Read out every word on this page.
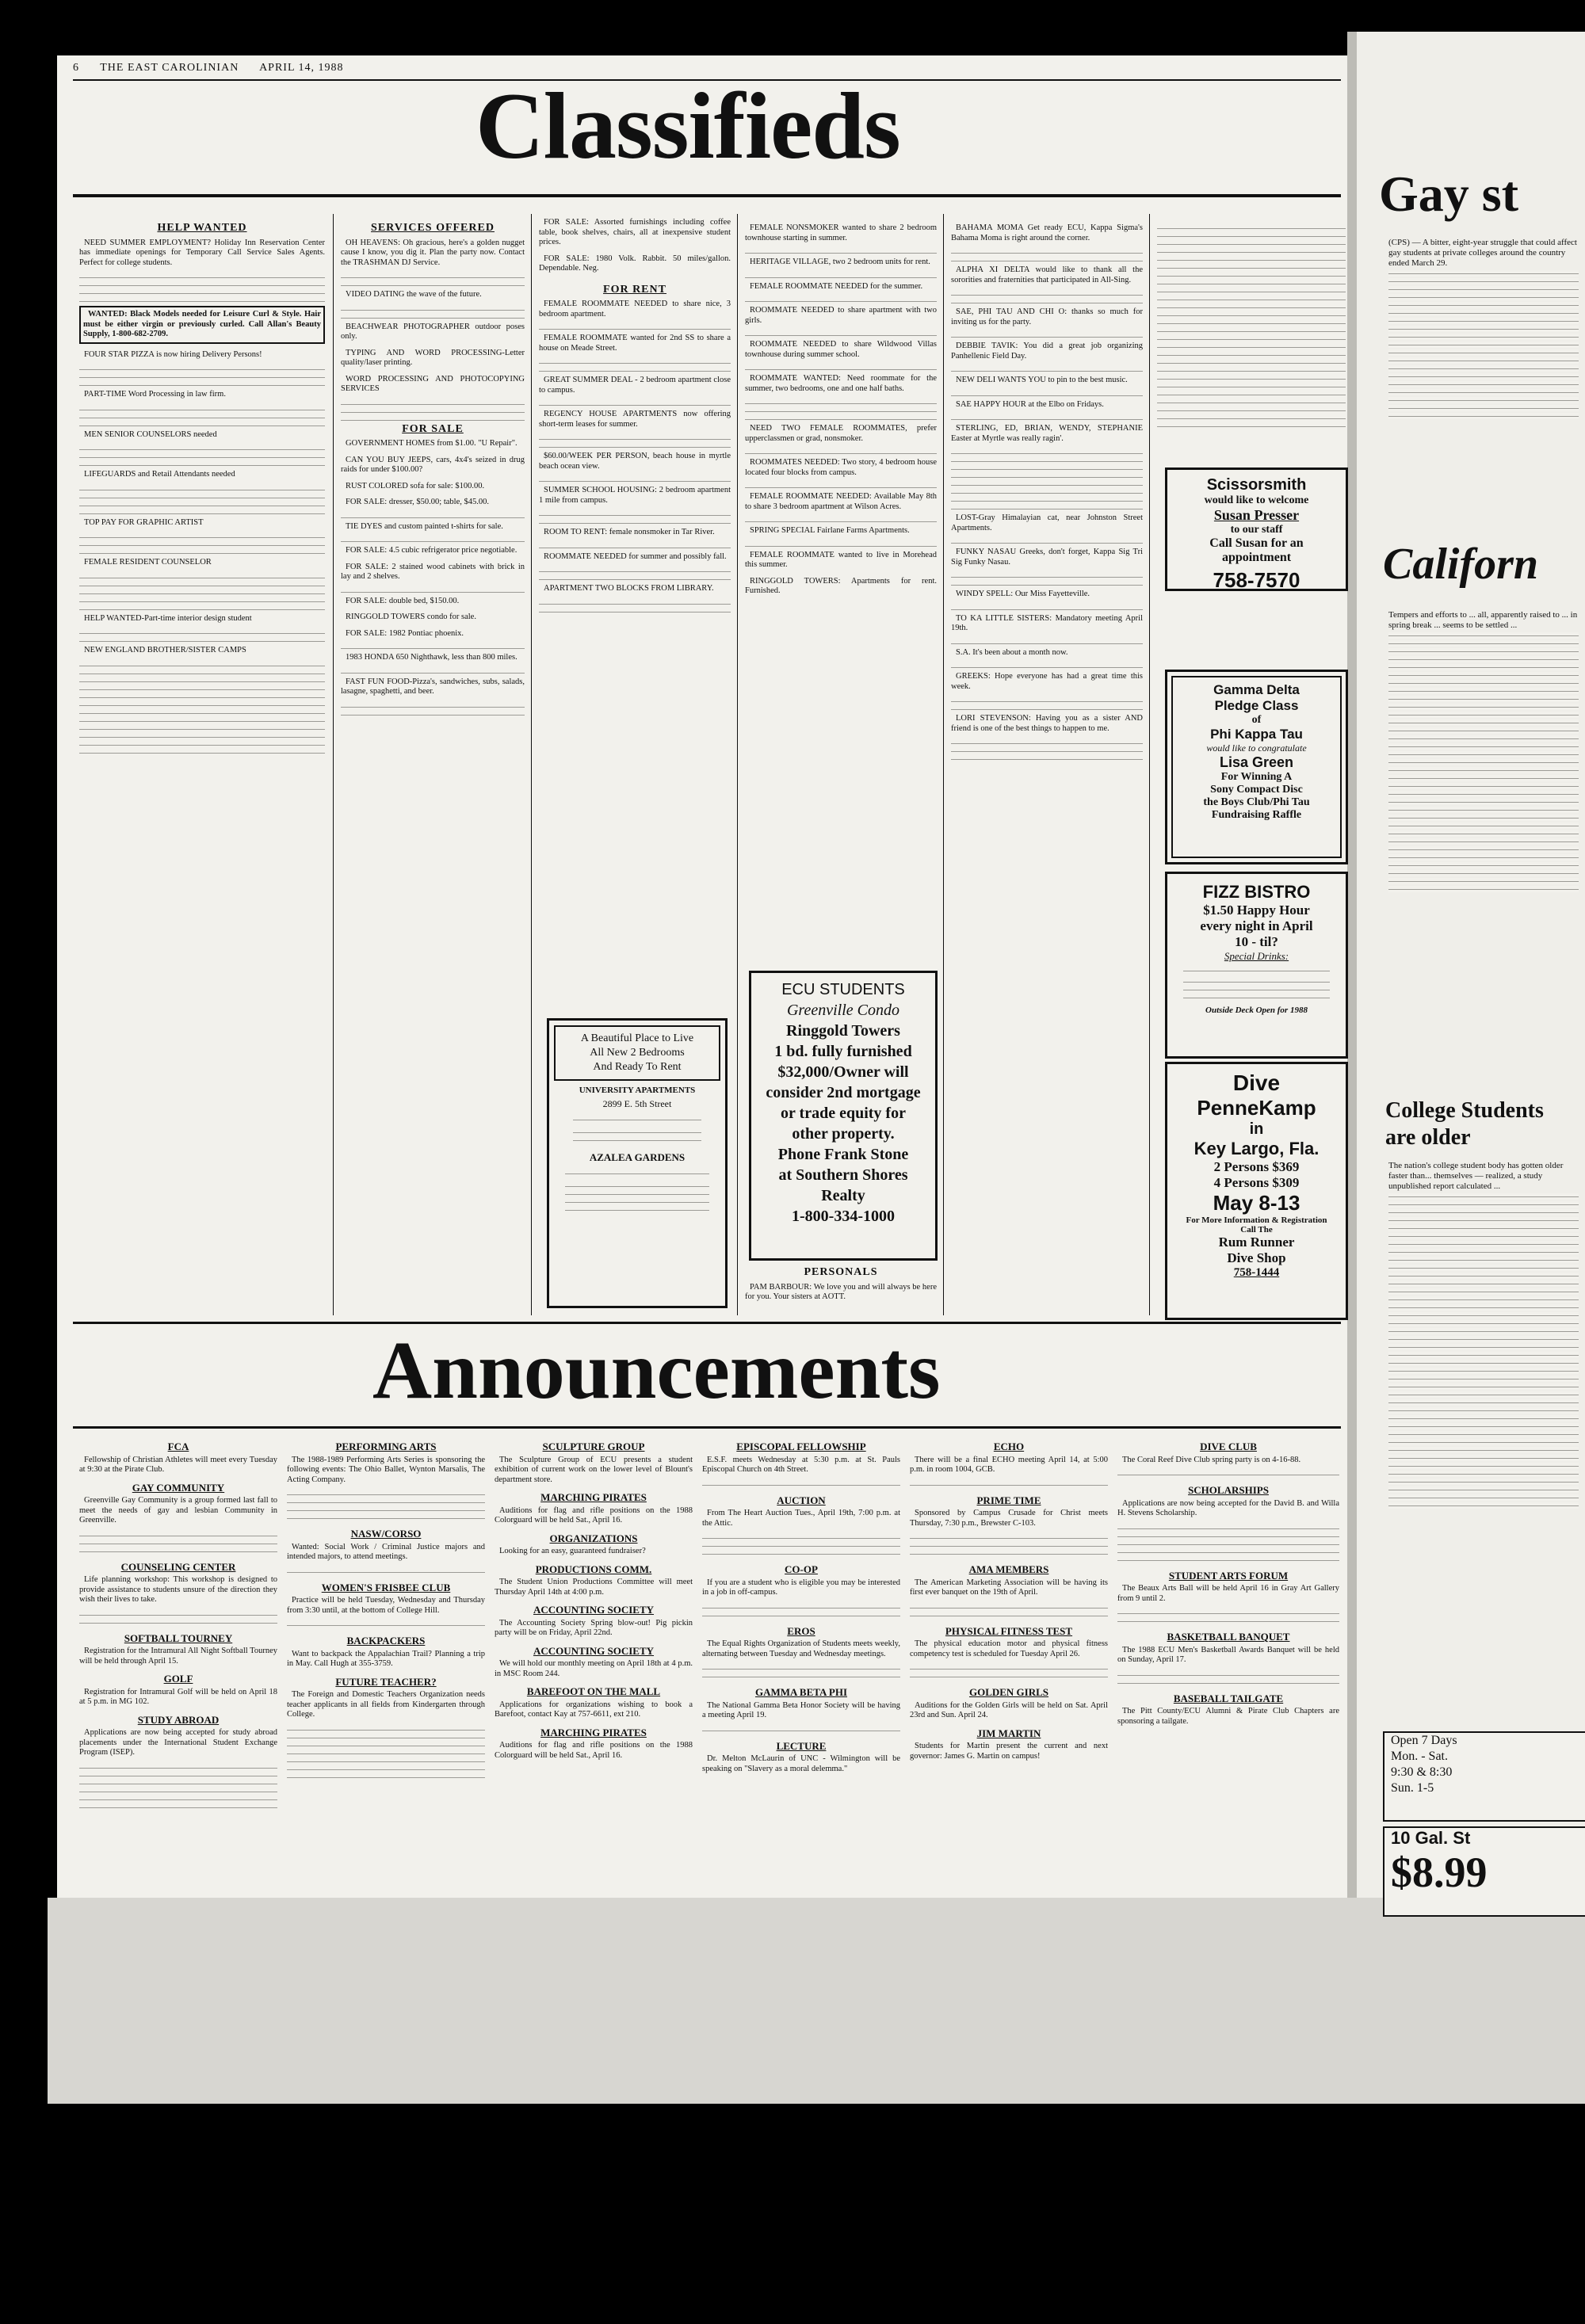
6 THE EAST CAROLINIAN APRIL 14, 1988
Classifieds
HELP WANTED

NEED SUMMER EMPLOYMENT? Holiday Inn Reservation Center has immediate openings for Temporary Call Service Sales Agents. Perfect for college students.

WANTED: Black Models needed for Leisure Curl & Style. Hair must be either virgin or previously curled. Call Allan's Beauty Supply, 1-800-682-2709.

FOUR STAR PIZZA is now hiring Delivery Persons!

PART-TIME Word Processing in law firm.

MEN SENIOR COUNSELORS needed

LIFEGUARDS and Retail Attendants needed

TOP PAY FOR GRAPHIC ARTIST

FEMALE RESIDENT COUNSELOR

HELP WANTED-Part-time interior design student

NEW ENGLAND BROTHER/SISTER CAMPS

SERVICES OFFERED

OH HEAVENS: Oh gracious, here's a golden nugget cause I know, you dig it. Plan the party now. Contact the TRASHMAN DJ Service.

VIDEO DATING the wave of the future.

BEACHWEAR PHOTOGRAPHER outdoor poses only.

TYPING AND WORD PROCESSING-Letter quality/laser printing.

WORD PROCESSING AND PHOTOCOPYING SERVICES

FOR SALE

GOVERNMENT HOMES from $1.00. "U Repair".

CAN YOU BUY JEEPS, cars, 4x4's seized in drug raids for under $100.00?

RUST COLORED sofa for sale: $100.00.

FOR SALE: dresser, $50.00; table, $45.00.

TIE DYES and custom painted t-shirts for sale.

FOR SALE: 4.5 cubic refrigerator price negotiable.

FOR SALE: 2 stained wood cabinets with brick in lay and 2 shelves.

FOR SALE: double bed, $150.00.

RINGGOLD TOWERS condo for sale.

FOR SALE: 1982 Pontiac phoenix.

1983 HONDA 650 Nighthawk, less than 800 miles.

FAST FUN FOOD-Pizza's, sandwiches, subs, salads, lasagne, spaghetti, and beer.

FOR SALE: Assorted furnishings including coffee table, book shelves, chairs, all at inexpensive student prices.

FOR SALE: 1980 Volk. Rabbit. 50 miles/gallon. Dependable. Neg.

FOR RENT

FEMALE ROOMMATE NEEDED to share nice, 3 bedroom apartment.

FEMALE ROOMMATE wanted for 2nd SS to share a house on Meade Street.

GREAT SUMMER DEAL - 2 bedroom apartment close to campus.

REGENCY HOUSE APARTMENTS now offering short-term leases for summer.

$60.00/WEEK PER PERSON, beach house in myrtle beach ocean view.

SUMMER SCHOOL HOUSING: 2 bedroom apartment 1 mile from campus.

ROOM TO RENT: female nonsmoker in Tar River.

ROOMMATE NEEDED for summer and possibly fall.

APARTMENT TWO BLOCKS FROM LIBRARY.

A Beautiful Place to Live
All New 2 Bedrooms
And Ready To Rent
UNIVERSITY APARTMENTS
2899 E. 5th Street
AZALEA GARDENS

FEMALE NONSMOKER wanted to share 2 bedroom townhouse starting in summer.

HERITAGE VILLAGE, two 2 bedroom units for rent.

FEMALE ROOMMATE NEEDED for the summer.

ROOMMATE NEEDED to share apartment with two girls.

ROOMMATE NEEDED to share Wildwood Villas townhouse during summer school.

ROOMMATE WANTED: Need roommate for the summer, two bedrooms, one and one half baths.

NEED TWO FEMALE ROOMMATES, prefer upperclassmen or grad, nonsmoker.

ROOMMATES NEEDED: Two story, 4 bedroom house located four blocks from campus.

FEMALE ROOMMATE NEEDED: Available May 8th to share 3 bedroom apartment at Wilson Acres.

SPRING SPECIAL Fairlane Farms Apartments.

FEMALE ROOMMATE wanted to live in Morehead this summer.

RINGGOLD TOWERS: Apartments for rent. Furnished.

ECU STUDENTS
Greenville Condo
Ringgold Towers
1 bd. fully furnished
$32,000/Owner will
consider 2nd mortgage
or trade equity for
other property.
Phone Frank Stone
at Southern Shores
Realty
1-800-334-1000
PERSONALS

PAM BARBOUR: We love you and will always be here for you. Your sisters at AOTT.

BAHAMA MOMA Get ready ECU, Kappa Sigma's Bahama Moma is right around the corner.

ALPHA XI DELTA would like to thank all the sororities and fraternities that participated in All-Sing.

SAE, PHI TAU AND CHI O: thanks so much for inviting us for the party.

DEBBIE TAVIK: You did a great job organizing Panhellenic Field Day.

NEW DELI WANTS YOU to pin to the best music.

SAE HAPPY HOUR at the Elbo on Fridays.

STERLING, ED, BRIAN, WENDY, STEPHANIE Easter at Myrtle was really ragin'.

LOST-Gray Himalayian cat, near Johnston Street Apartments.

FUNKY NASAU Greeks, don't forget, Kappa Sig Tri Sig Funky Nasau.

WINDY SPELL: Our Miss Fayetteville.

TO KA LITTLE SISTERS: Mandatory meeting April 19th.

S.A. It's been about a month now.

GREEKS: Hope everyone has had a great time this week.

LORI STEVENSON: Having you as a sister AND friend is one of the best things to happen to me.

Scissorsmith
would like to welcome
Susan Presser
to our staff
Call Susan for an
appointment
758-7570
Gamma Delta
Pledge Class
of
Phi Kappa Tau
would like to congratulate
Lisa Green
For Winning A
Sony Compact Disc
the Boys Club/Phi Tau
Fundraising Raffle
FIZZ BISTRO
$1.50 Happy Hour
every night in April
10 - til?
Special Drinks:
Outside Deck Open for 1988
Dive
PenneKamp
in
Key Largo, Fla.
2 Persons $369
4 Persons $309
May 8-13
For More Information & Registration Call The
Rum Runner
Dive Shop
758-1444
Announcements
FCA

Fellowship of Christian Athletes will meet every Tuesday at 9:30 at the Pirate Club.

GAY COMMUNITY

Greenville Gay Community is a group formed last fall to meet the needs of gay and lesbian Community in Greenville.

COUNSELING CENTER

Life planning workshop: This workshop is designed to provide assistance to students unsure of the direction they wish their lives to take.

SOFTBALL TOURNEY

Registration for the Intramural All Night Softball Tourney will be held through April 15.

GOLF

Registration for Intramural Golf will be held on April 18 at 5 p.m. in MG 102.

STUDY ABROAD

Applications are now being accepted for study abroad placements under the International Student Exchange Program (ISEP).

PERFORMING ARTS

The 1988-1989 Performing Arts Series is sponsoring the following events: The Ohio Ballet, Wynton Marsalis, The Acting Company.

NASW/CORSO

Wanted: Social Work / Criminal Justice majors and intended majors, to attend meetings.

WOMEN'S FRISBEE CLUB

Practice will be held Tuesday, Wednesday and Thursday from 3:30 until, at the bottom of College Hill.

BACKPACKERS

Want to backpack the Appalachian Trail? Planning a trip in May. Call Hugh at 355-3759.

FUTURE TEACHER?

The Foreign and Domestic Teachers Organization needs teacher applicants in all fields from Kindergarten through College.

SCULPTURE GROUP

The Sculpture Group of ECU presents a student exhibition of current work on the lower level of Blount's department store.

MARCHING PIRATES

Auditions for flag and rifle positions on the 1988 Colorguard will be held Sat., April 16.

ORGANIZATIONS

Looking for an easy, guaranteed fundraiser?

PRODUCTIONS COMM.

The Student Union Productions Committee will meet Thursday April 14th at 4:00 p.m.

ACCOUNTING SOCIETY

The Accounting Society Spring blow-out! Pig pickin party will be on Friday, April 22nd.

ACCOUNTING SOCIETY

We will hold our monthly meeting on April 18th at 4 p.m. in MSC Room 244.

BAREFOOT ON THE MALL

Applications for organizations wishing to book a Barefoot, contact Kay at 757-6611, ext 210.

MARCHING PIRATES

Auditions for flag and rifle positions on the 1988 Colorguard will be held Sat., April 16.

EPISCOPAL FELLOWSHIP

E.S.F. meets Wednesday at 5:30 p.m. at St. Pauls Episcopal Church on 4th Street.

AUCTION

From The Heart Auction Tues., April 19th, 7:00 p.m. at the Attic.

CO-OP

If you are a student who is eligible you may be interested in a job in off-campus.

EROS

The Equal Rights Organization of Students meets weekly, alternating between Tuesday and Wednesday meetings.

GAMMA BETA PHI

The National Gamma Beta Honor Society will be having a meeting April 19.

LECTURE

Dr. Melton McLaurin of UNC - Wilmington will be speaking on "Slavery as a moral delemma."

ECHO

There will be a final ECHO meeting April 14, at 5:00 p.m. in room 1004, GCB.

PRIME TIME

Sponsored by Campus Crusade for Christ meets Thursday, 7:30 p.m., Brewster C-103.

AMA MEMBERS

The American Marketing Association will be having its first ever banquet on the 19th of April.

PHYSICAL FITNESS TEST

The physical education motor and physical fitness competency test is scheduled for Tuesday April 26.

GOLDEN GIRLS

Auditions for the Golden Girls will be held on Sat. April 23rd and Sun. April 24.

JIM MARTIN

Students for Martin present the current and next governor: James G. Martin on campus!

DIVE CLUB

The Coral Reef Dive Club spring party is on 4-16-88.

SCHOLARSHIPS

Applications are now being accepted for the David B. and Willa H. Stevens Scholarship.

STUDENT ARTS FORUM

The Beaux Arts Ball will be held April 16 in Gray Art Gallery from 9 until 2.

BASKETBALL BANQUET

The 1988 ECU Men's Basketball Awards Banquet will be held on Sunday, April 17.

BASEBALL TAILGATE

The Pitt County/ECU Alumni & Pirate Club Chapters are sponsoring a tailgate.

Gay st
(CPS) — A bitter, eight-year struggle that could affect gay students at private colleges around the country ended March 29.
Californ
Tempers and efforts to ... all, apparently raised to ... in spring break ... seems to be settled ...
College Students
are older
The nation's college student body has gotten older faster than... themselves — realized, a study unpublished report calculated ...
Open 7 Days
Mon. - Sat.
9:30 & 8:30
Sun. 1-5
10 Gal. St
$8.99
